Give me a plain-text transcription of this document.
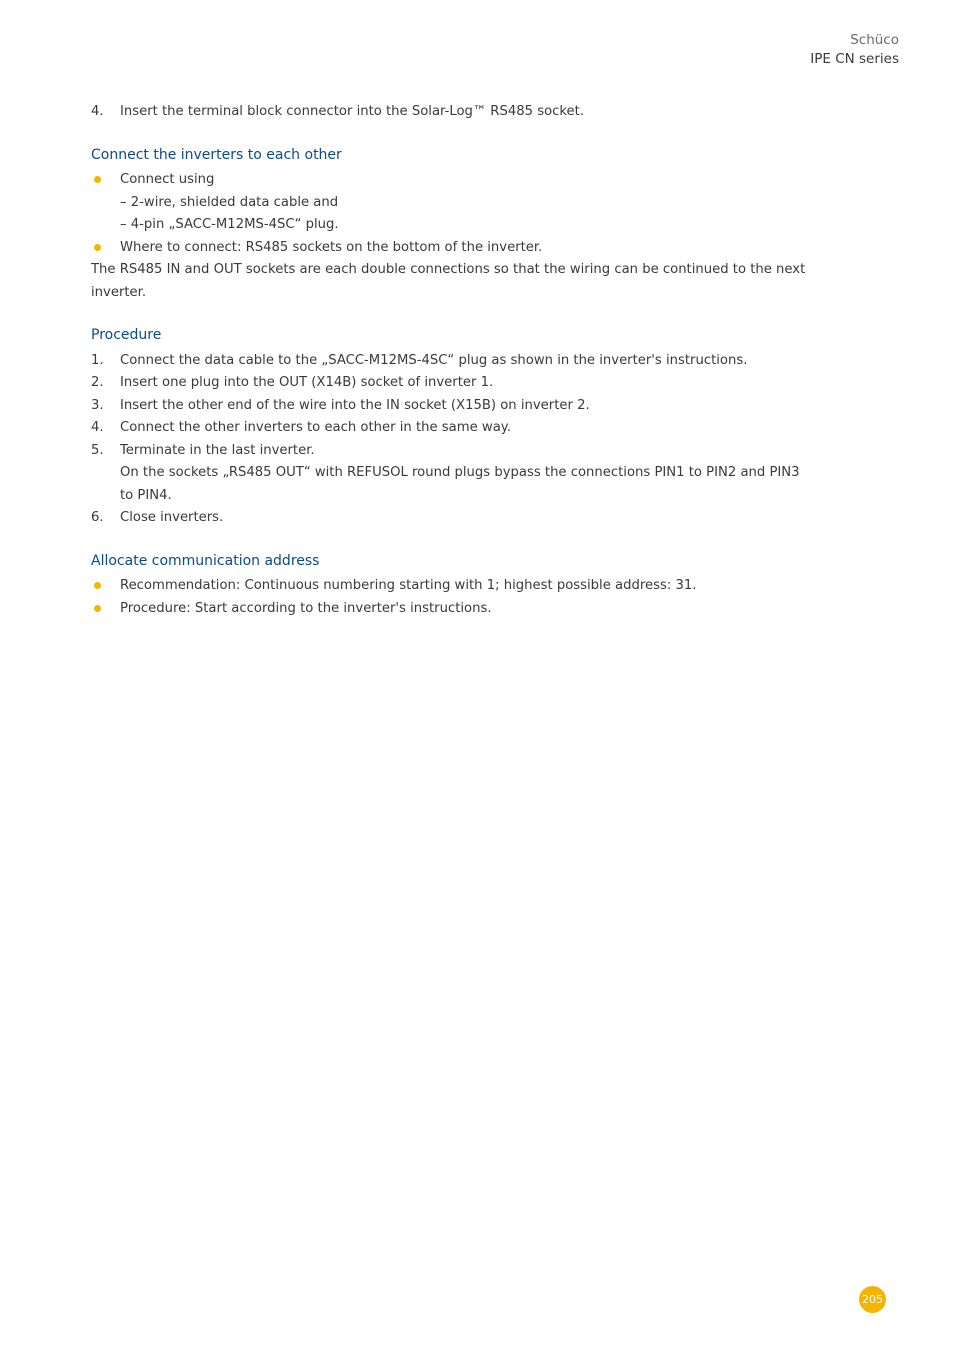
Schüco
IPE CN series
4.	Insert the terminal block connector into the Solar-Log™ RS485 socket.
Connect the inverters to each other
Connect using
– 2-wire, shielded data cable and
– 4-pin „SACC-M12MS-4SC“ plug.
Where to connect: RS485 sockets on the bottom of the inverter.
The RS485 IN and OUT sockets are each double connections so that the wiring can be continued to the next inverter.
Procedure
1.	Connect the data cable to the „SACC-M12MS-4SC“ plug as shown in the inverter's instructions.
2.	Insert one plug into the OUT (X14B) socket of inverter 1.
3.	Insert the other end of the wire into the IN socket (X15B) on inverter 2.
4.	Connect the other inverters to each other in the same way.
5.	Terminate in the last inverter.
On the sockets „RS485 OUT“ with REFUSOL round plugs bypass the connections PIN1 to PIN2 and PIN3 to PIN4.
6.	Close inverters.
Allocate communication address
Recommendation: Continuous numbering starting with 1; highest possible address: 31.
Procedure: Start according to the inverter's instructions.
205
